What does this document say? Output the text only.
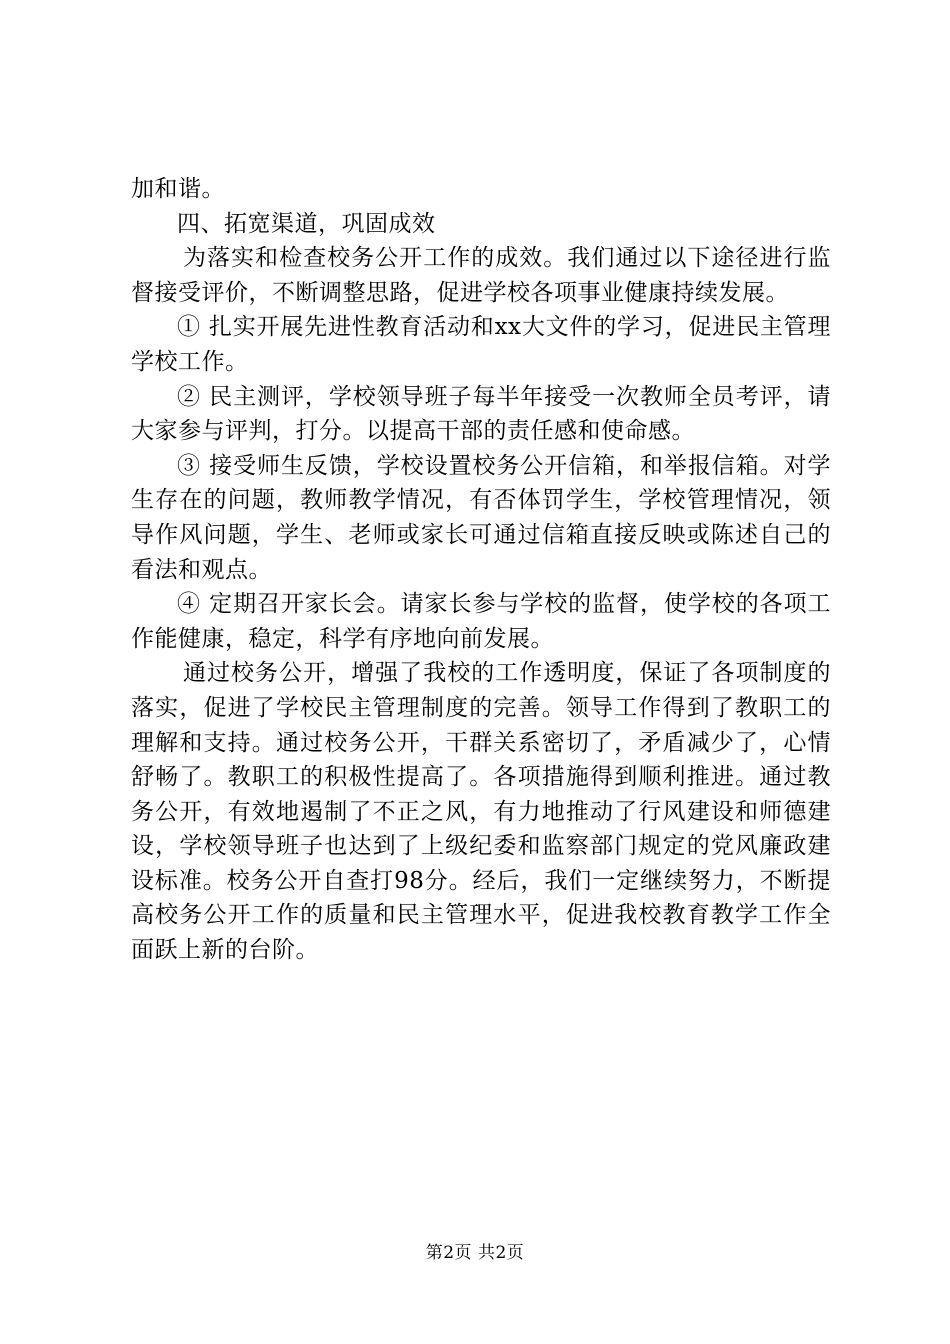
加和谐。

四、拓宽渠道，巩固成效

为落实和检查校务公开工作的成效。我们通过以下途径进行监督接受评价，不断调整思路，促进学校各项事业健康持续发展。

① 扎实开展先进性教育活动和xx大文件的学习，促进民主管理学校工作。

② 民主测评，学校领导班子每半年接受一次教师全员考评，请大家参与评判，打分。以提高干部的责任感和使命感。

③ 接受师生反馈，学校设置校务公开信箱，和举报信箱。对学生存在的问题，教师教学情况，有否体罚学生，学校管理情况，领导作风问题，学生、老师或家长可通过信箱直接反映或陈述自己的看法和观点。

④ 定期召开家长会。请家长参与学校的监督，使学校的各项工作能健康，稳定，科学有序地向前发展。

通过校务公开，增强了我校的工作透明度，保证了各项制度的落实，促进了学校民主管理制度的完善。领导工作得到了教职工的理解和支持。通过校务公开，干群关系密切了，矛盾减少了，心情舒畅了。教职工的积极性提高了。各项措施得到顺利推进。通过教务公开，有效地遏制了不正之风，有力地推动了行风建设和师德建设，学校领导班子也达到了上级纪委和监察部门规定的党风廉政建设标准。校务公开自查打98分。经后，我们一定继续努力，不断提高校务公开工作的质量和民主管理水平，促进我校教育教学工作全面跃上新的台阶。

第2页 共2页
